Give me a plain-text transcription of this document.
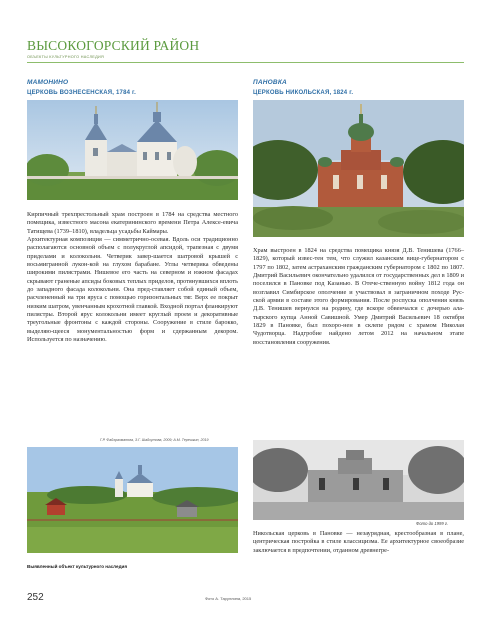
ВЫСОКОГОРСКИЙ РАЙОН
ОБЪЕКТЫ КУЛЬТУРНОГО НАСЛЕДИЯ
МАМОНИНО
ЦЕРКОВЬ ВОЗНЕСЕНСКАЯ, 1784 г.
ПАНОВКА
ЦЕРКОВЬ НИКОЛЬСКАЯ, 1824 г.
Кирпичный трехпрестольный храм построен в 1784 на средства местного помещика, известного масона екатерининского времени Петра Алексе-евича Татищева (1739–1810), владельца усадьбы Каймары.
Архитектурная композиция — симметрично-осевая. Вдоль оси традиционно располагаются основной объем с полукруглой апсидой, трапезная с двумя приделами и колокольня. Четверик завер-шается шатровой крышей с восьмигранной лукон-кой на глухом барабане. Углы четверика обведены широкими пилястрами. Нишевое его часть на северном и южном фасадах скрывают граненые апсиды боковых теплых приделов, протянувшихся вплоть до западного фасада колокольни. Она пред-ставляет собой единый объем, расчлененный на три яруса с помощью горизонтальных тяг. Верх ее покрыт низким шатром, увенчанным крохотной главкой. Входной портал фланкируют пилястры. Второй ярус колокольни имеет круглый проем и декоративные треугольные фронтоны с каждой стороны. Сооружение в стиле барокко, выделяю-щееся монументальностью форм и сдержанным декором. Используется по назначению.
Храм выстроен в 1824 на средства помещика князя Д.В. Тенишева (1766–1829), который извес-тен тем, что служил казанским вице-губернатором с 1797 по 1802, затем астраханским гражданским губернатором с 1802 по 1807. Дмитрий Васильевич окончательно удалился от государственных дел в 1809 и поселился в Пановке под Казанью. В Отече-ственную войну 1812 года он возглавил Симбирское ополчение и участвовал в заграничном походе Рус-ской армии в составе этого формирования. После роспуска ополчения князь Д.В. Тенишев вернулся на родину, где вскоре обвенчался с дочерью ала-тырского купца Анной Савишной. Умер Дмитрий Васильевич 18 октября 1829 в Пановке, был похоро-нен в склепе рядом с храмом Николая Чудотворца. Надгробие найдено летом 2012 на начальном этапе восстановления сооружения.
Г.Р. Файзрахманова, З.Г. Шайхутова, 2009; А.М. Терешкин, 2019
Фото до 1999 г.
Никольская церковь в Пановке — незаурядная, крестообразная в плане, центрическая постройка в стиле классицизма. Ее архитектурное своеобразие заключается в предпочтении, отданном древнегре-
Выявленный объект культурного наследия
252	Фото А. Таруллина, 2015
